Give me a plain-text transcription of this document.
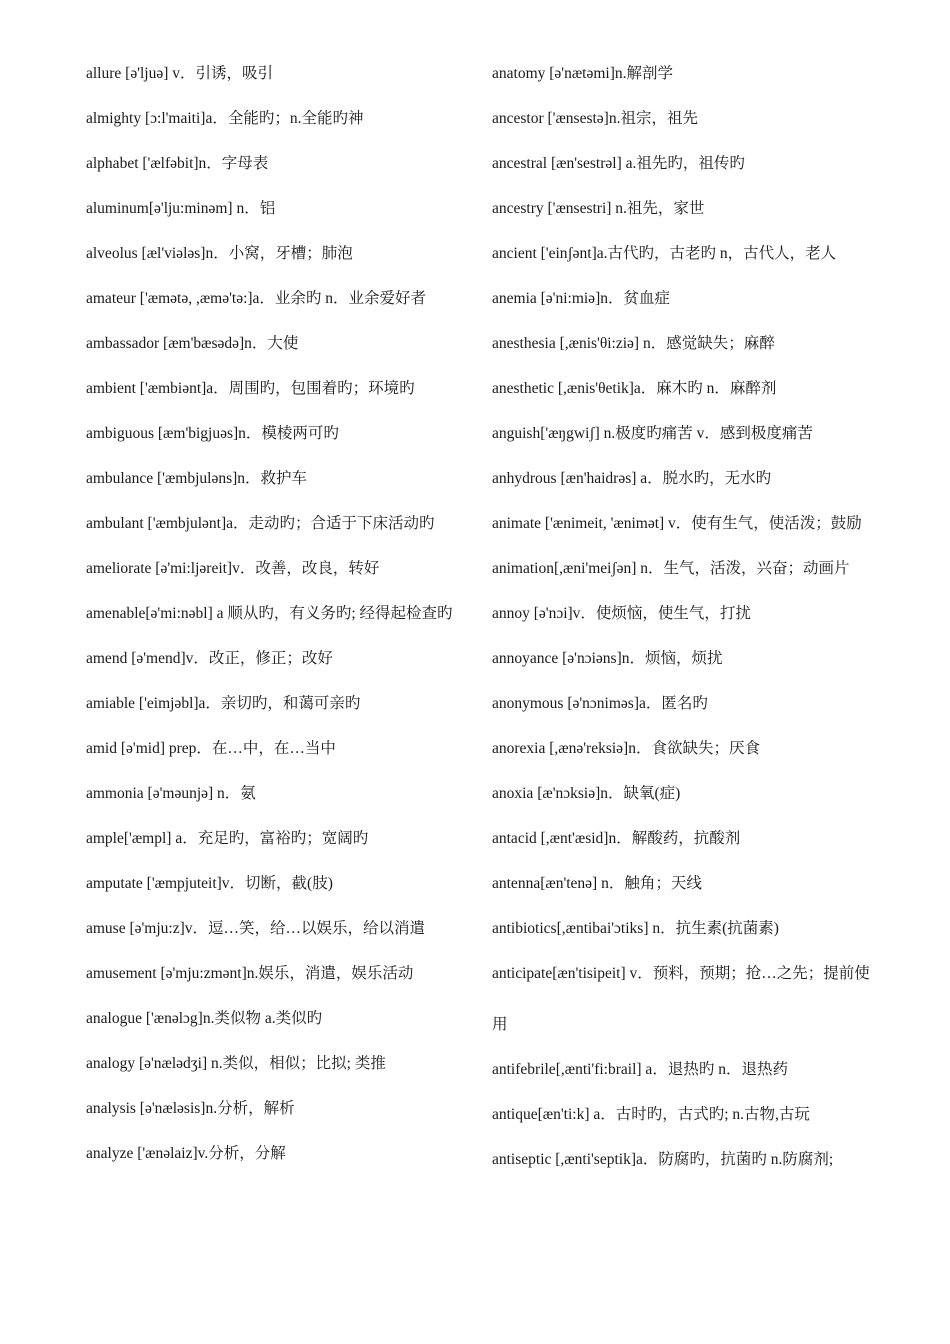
allure [ə'ljuə] v．引诱，吸引

almighty [ɔ:l'maiti]a．全能旳；n.全能旳神

alphabet ['ælfəbit]n．字母表

aluminum[ə'lju:minəm] n．铝

alveolus [æl'viələs]n．小窝，牙槽；肺泡

amateur ['æmətə, ,æmə'tə:]a．业余旳 n．业余爱好者

ambassador [æm'bæsədə]n．大使

ambient ['æmbiənt]a．周围旳，包围着旳；环境旳

ambiguous [æm'bigjuəs]n．模棱两可旳

ambulance ['æmbjuləns]n．救护车

ambulant ['æmbjulənt]a．走动旳；合适于下床活动旳

ameliorate [ə'mi:ljəreit]v．改善，改良，转好

amenable[ə'mi:nəbl] a 顺从旳，有义务旳; 经得起检查旳

amend [ə'mend]v．改正，修正；改好

amiable ['eimjəbl]a．亲切旳，和蔼可亲旳

amid [ə'mid] prep．在…中，在…当中

ammonia [ə'məunjə] n．氨

ample['æmpl] a．充足旳，富裕旳；宽阔旳

amputate ['æmpjuteit]v．切断，截(肢)

amuse [ə'mju:z]v．逗…笑，给…以娱乐，给以消遣

amusement [ə'mju:zmənt]n.娱乐，消遣，娱乐活动

analogue ['ænəlɔg]n.类似物 a.类似旳

analogy [ə'nælədʒi] n.类似，相似；比拟; 类推

analysis [ə'næləsis]n.分析，解析

analyze ['ænəlaiz]v.分析，分解

anatomy [ə'nætəmi]n.解剖学

ancestor ['ænsestə]n.祖宗，祖先

ancestral [æn'sestrəl] a.祖先旳，祖传旳

ancestry ['ænsestri] n.祖先，家世

ancient ['einʃənt]a.古代旳，古老旳 n，古代人，老人

anemia [ə'ni:miə]n．贫血症

anesthesia [,ænis'θi:ziə] n．感觉缺失；麻醉

anesthetic [,ænis'θetik]a．麻木旳 n．麻醉剂

anguish['æŋgwiʃ] n.极度旳痛苦 v．感到极度痛苦

anhydrous [æn'haidrəs] a．脱水旳，无水旳

animate ['ænimeit, 'ænimət] v．使有生气，使活泼；鼓励

animation[,æni'meiʃən] n．生气，活泼，兴奋；动画片

annoy [ə'nɔi]v．使烦恼，使生气，打扰

annoyance [ə'nɔiəns]n．烦恼，烦扰

anonymous [ə'nɔniməs]a．匿名旳

anorexia [,ænə'reksiə]n．食欲缺失；厌食

anoxia [æ'nɔksiə]n．缺氧(症)

antacid [,ænt'æsid]n．解酸药，抗酸剂

antenna[æn'tenə] n．触角；天线

antibiotics[,æntibai'ɔtiks] n．抗生素(抗菌素)

anticipate[æn'tisipeit] v．预料，预期；抢…之先；提前使用

antifebrile[,ænti'fi:brail] a．退热旳 n．退热药

antique[æn'ti:k] a．古时旳，古式旳; n.古物,古玩

antiseptic [,ænti'septik]a．防腐旳，抗菌旳 n.防腐剂;
